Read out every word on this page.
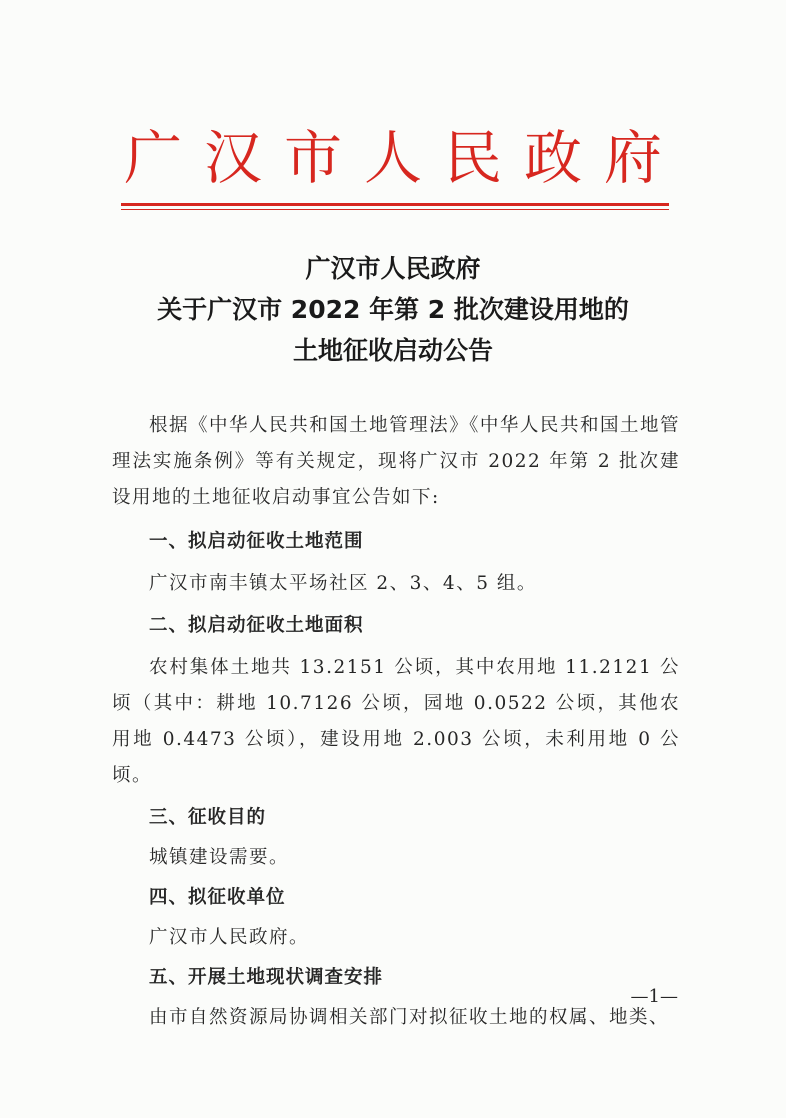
广汉市人民政府
广汉市人民政府
关于广汉市 2022 年第 2 批次建设用地的
土地征收启动公告

根据《中华人民共和国土地管理法》《中华人民共和国土地管理法实施条例》等有关规定，现将广汉市 2022 年第 2 批次建设用地的土地征收启动事宜公告如下:

一、拟启动征收土地范围

广汉市南丰镇太平场社区 2、3、4、5 组。

二、拟启动征收土地面积

农村集体土地共 13.2151 公顷，其中农用地 11.2121 公顷（其中：耕地 10.7126 公顷，园地 0.0522 公顷，其他农用地 0.4473 公顷），建设用地 2.003 公顷，未利用地 0 公顷。

三、征收目的

城镇建设需要。

四、拟征收单位

广汉市人民政府。

五、开展土地现状调查安排

由市自然资源局协调相关部门对拟征收土地的权属、地类、

—1—
